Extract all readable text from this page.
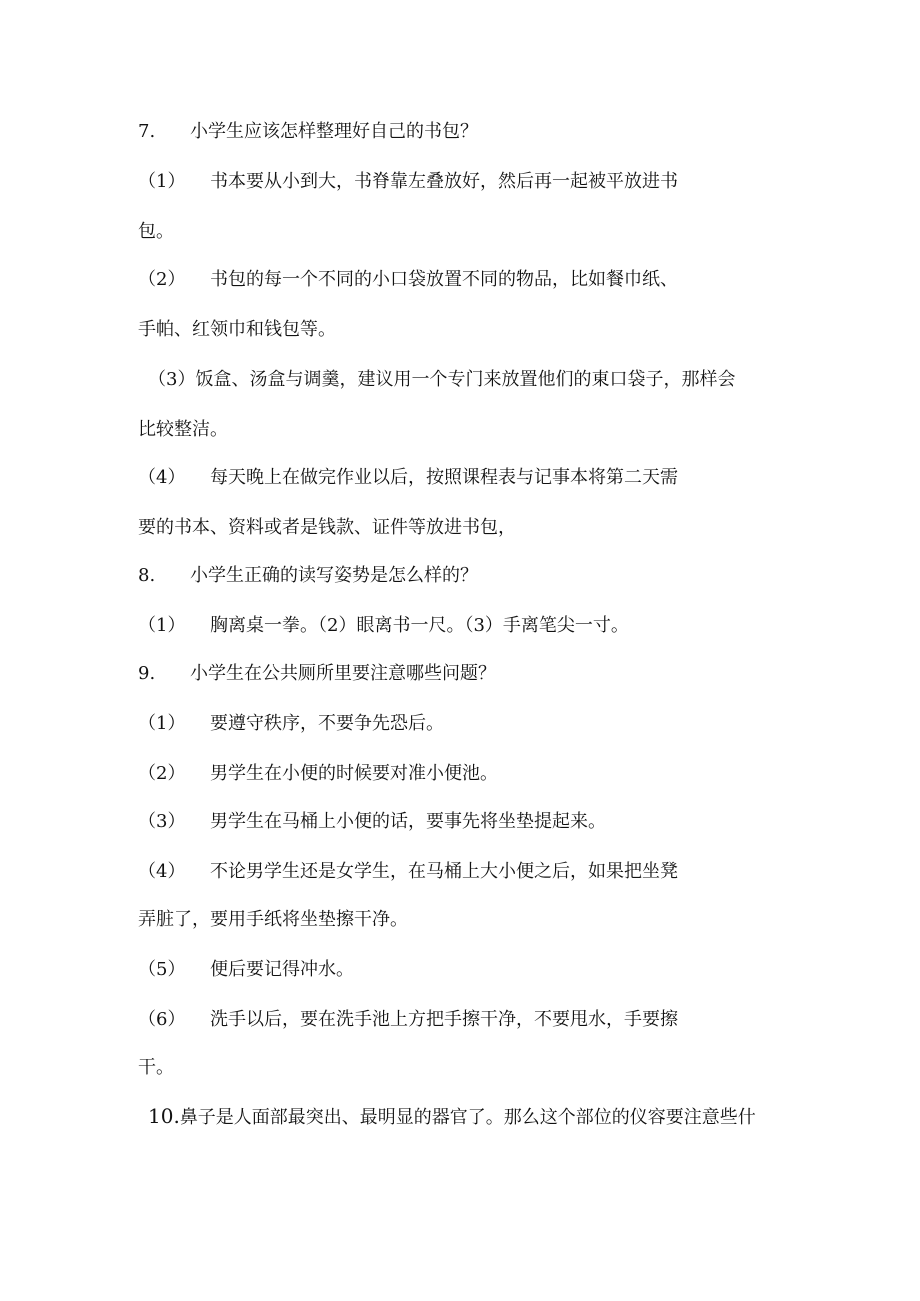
7. 小学生应该怎样整理好自己的书包？
（1） 书本要从小到大，书脊靠左叠放好，然后再一起被平放进书
包。
（2） 书包的每一个不同的小口袋放置不同的物品，比如餐巾纸、
手帕、红领巾和钱包等。
（3）饭盒、汤盒与调羹，建议用一个专门来放置他们的東口袋子，那样会
比较整洁。
（4） 每天晚上在做完作业以后，按照课程表与记事本将第二天需
要的书本、资料或者是钱款、证件等放进书包，
8. 小学生正确的读写姿势是怎么样的？
（1） 胸离桌一拳。（2）眼离书一尺。（3）手离笔尖一寸。
9. 小学生在公共厕所里要注意哪些问题？
（1） 要遵守秩序，不要争先恐后。
（2） 男学生在小便的时候要对准小便池。
（3） 男学生在马桶上小便的话，要事先将坐垫提起来。
（4） 不论男学生还是女学生，在马桶上大小便之后，如果把坐凳
弄脏了，要用手纸将坐垫擦干净。
（5） 便后要记得冲水。
（6） 洗手以后，要在洗手池上方把手擦干净，不要甩水，手要擦
干。
10.鼻子是人面部最突出、最明显的器官了。那么这个部位的仪容要注意些什
